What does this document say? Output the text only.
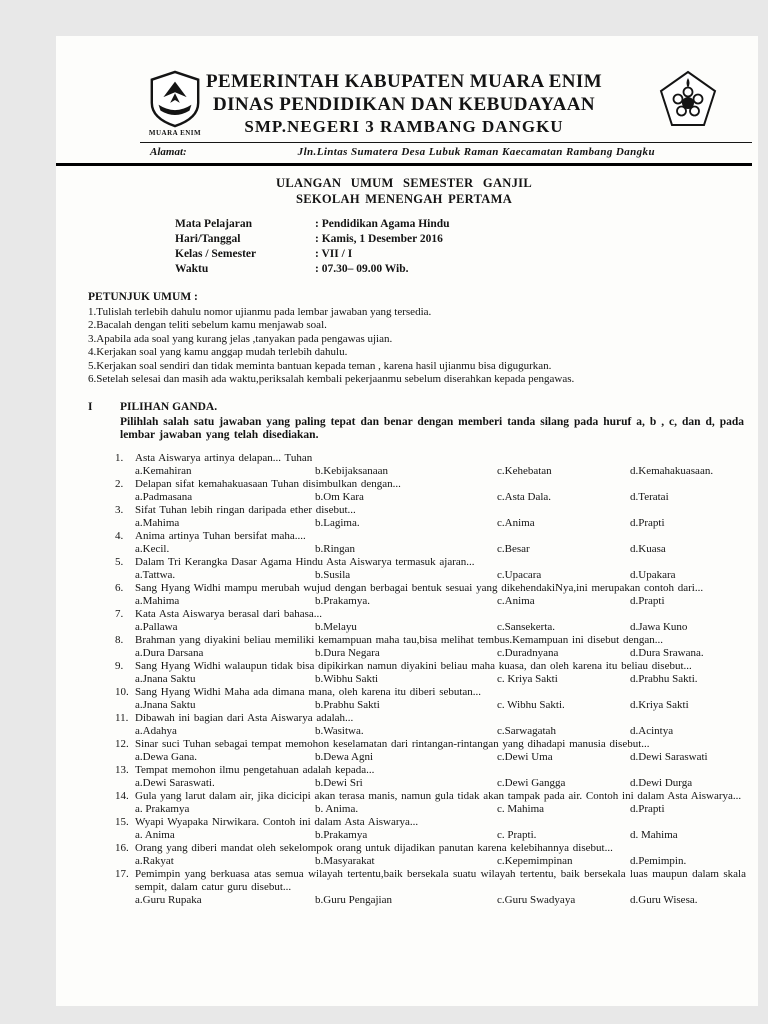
MUARA ENIM
PEMERINTAH KABUPATEN MUARA ENIM
DINAS PENDIDIKAN DAN KEBUDAYAAN
SMP.NEGERI 3 RAMBANG DANGKU
Alamat:	Jln.Lintas Sumatera Desa Lubuk Raman Kaecamatan Rambang Dangku
ULANGAN UMUM SEMESTER GANJIL
SEKOLAH MENENGAH PERTAMA
Mata Pelajaran	: Pendidikan Agama Hindu
Hari/Tanggal	: Kamis, 1 Desember 2016
Kelas / Semester	: VII / I
Waktu	: 07.30– 09.00 Wib.
PETUNJUK UMUM :
1.Tulislah terlebih dahulu nomor ujianmu pada lembar jawaban yang tersedia.
2.Bacalah dengan teliti sebelum kamu menjawab soal.
3.Apabila ada soal yang kurang jelas ,tanyakan pada pengawas ujian.
4.Kerjakan soal yang kamu anggap mudah terlebih dahulu.
5.Kerjakan soal sendiri dan tidak meminta bantuan kepada teman , karena hasil ujianmu bisa digugurkan.
6.Setelah selesai dan masih ada waktu,periksalah kembali pekerjaanmu sebelum diserahkan kepada pengawas.
I	PILIHAN GANDA.
Pilihlah salah satu jawaban yang paling tepat dan benar dengan memberi tanda silang pada huruf a, b , c, dan d, pada lembar jawaban yang telah disediakan.
1.	Asta Aiswarya artinya delapan... Tuhan
a.Kemahiran	b.Kebijaksanaan	c.Kehebatan	d.Kemahakuasaan.
2.	Delapan sifat kemahakuasaan Tuhan disimbulkan dengan...
a.Padmasana	b.Om Kara	c.Asta Dala.	d.Teratai
3.	Sifat Tuhan lebih ringan daripada ether disebut...
a.Mahima	b.Lagima.	c.Anima	d.Prapti
4.	Anima artinya Tuhan bersifat maha....
a.Kecil.	b.Ringan	c.Besar	d.Kuasa
5.	Dalam Tri Kerangka Dasar Agama Hindu Asta Aiswarya termasuk ajaran...
a.Tattwa.	b.Susila	c.Upacara	d.Upakara
6.	Sang Hyang Widhi mampu merubah wujud dengan berbagai bentuk sesuai yang dikehendakiNya,ini merupakan contoh dari...
a.Mahima	b.Prakamya.	c.Anima	d.Prapti
7.	Kata Asta Aiswarya berasal dari bahasa...
a.Pallawa	b.Melayu	c.Sansekerta.	d.Jawa Kuno
8.	Brahman yang diyakini beliau memiliki kemampuan maha tau,bisa melihat tembus.Kemampuan ini disebut dengan...
a.Dura Darsana	b.Dura Negara	c.Duradnyana	d.Dura Srawana.
9.	Sang Hyang Widhi walaupun tidak bisa dipikirkan namun diyakini beliau maha kuasa, dan oleh karena itu beliau disebut...
a.Jnana Saktu	b.Wibhu Sakti	c. Kriya Sakti	d.Prabhu Sakti.
10. Sang Hyang Widhi Maha ada dimana mana, oleh karena itu diberi sebutan...
a.Jnana Saktu	b.Prabhu Sakti	c. Wibhu Sakti.	d.Kriya Sakti
11. Dibawah ini bagian dari Asta Aiswarya adalah...
a.Adahya	b.Wasitwa.	c.Sarwagatah	d.Acintya
12. Sinar suci Tuhan sebagai tempat memohon keselamatan dari rintangan-rintangan yang dihadapi manusia disebut...
a.Dewa Gana.	b.Dewa Agni	c.Dewi Uma	d.Dewi Saraswati
13. Tempat memohon ilmu pengetahuan adalah kepada...
a.Dewi Saraswati.	b.Dewi Sri	c.Dewi Gangga	d.Dewi Durga
14. Gula yang larut dalam air, jika dicicipi akan terasa manis, namun gula tidak akan tampak pada air. Contoh ini dalam Asta Aiswarya...
a. Prakamya	b. Anima.	c. Mahima	d.Prapti
15. Wyapi Wyapaka Nirwikara. Contoh ini dalam Asta Aiswarya...
a. Anima	b.Prakamya	c. Prapti.	d. Mahima
16. Orang yang diberi mandat oleh sekelompok orang untuk dijadikan panutan karena kelebihannya disebut...
a.Rakyat	b.Masyarakat	c.Kepemimpinan	d.Pemimpin.
17. Pemimpin yang berkuasa atas semua wilayah tertentu,baik bersekala suatu wilayah tertentu, baik bersekala luas maupun dalam skala sempit, dalam catur guru disebut...
a.Guru Rupaka	b.Guru Pengajian	c.Guru Swadyaya	d.Guru Wisesa.
